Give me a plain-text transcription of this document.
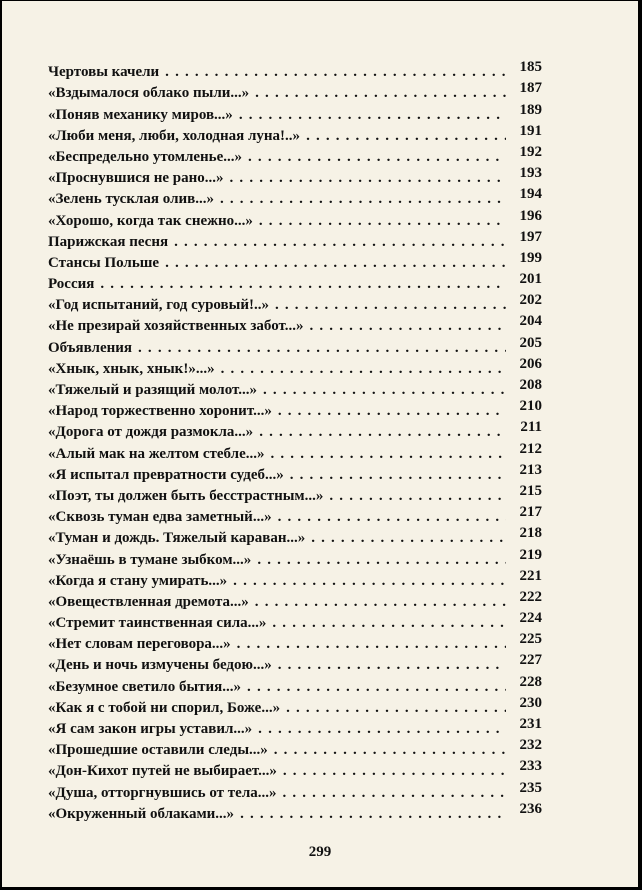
Чертовы качели . . .	185
«Вздымалося облако пыли...» . . .	187
«Поняв механику миров...» . . .	189
«Люби меня, люби, холодная луна!..» . . .	191
«Беспредельно утомленье...» . . .	192
«Проснувшися не рано...» . . .	193
«Зелень тусклая олив...» . . .	194
«Хорошо, когда так снежно...» . . .	196
Парижская песня . . .	197
Стансы Польше . . .	199
Россия . . .	201
«Год испытаний, год суровый!..» . . .	202
«Не презирай хозяйственных забот...» . . .	204
Объявления . . .	205
«Хнык, хнык, хнык!»...» . . .	206
«Тяжелый и разящий молот...» . . .	208
«Народ торжественно хоронит...» . . .	210
«Дорога от дождя размокла...» . . .	211
«Алый мак на желтом стебле...» . . .	212
«Я испытал превратности судеб...» . . .	213
«Поэт, ты должен быть бесстрастным...» . . .	215
«Сквозь туман едва заметный...» . . .	217
«Туман и дождь. Тяжелый караван...» . . .	218
«Узнаёшь в тумане зыбком...» . . .	219
«Когда я стану умирать...» . . .	221
«Овеществленная дремота...» . . .	222
«Стремит таинственная сила...» . . .	224
«Нет словам переговора...» . . .	225
«День и ночь измучены бедою...» . . .	227
«Безумное светило бытия...» . . .	228
«Как я с тобой ни спорил, Боже...» . . .	230
«Я сам закон игры уставил...» . . .	231
«Прошедшие оставили следы...» . . .	232
«Дон-Кихот путей не выбирает...» . . .	233
«Душа, отторгнувшись от тела...» . . .	235
«Окруженный облаками...» . . .	236
299
